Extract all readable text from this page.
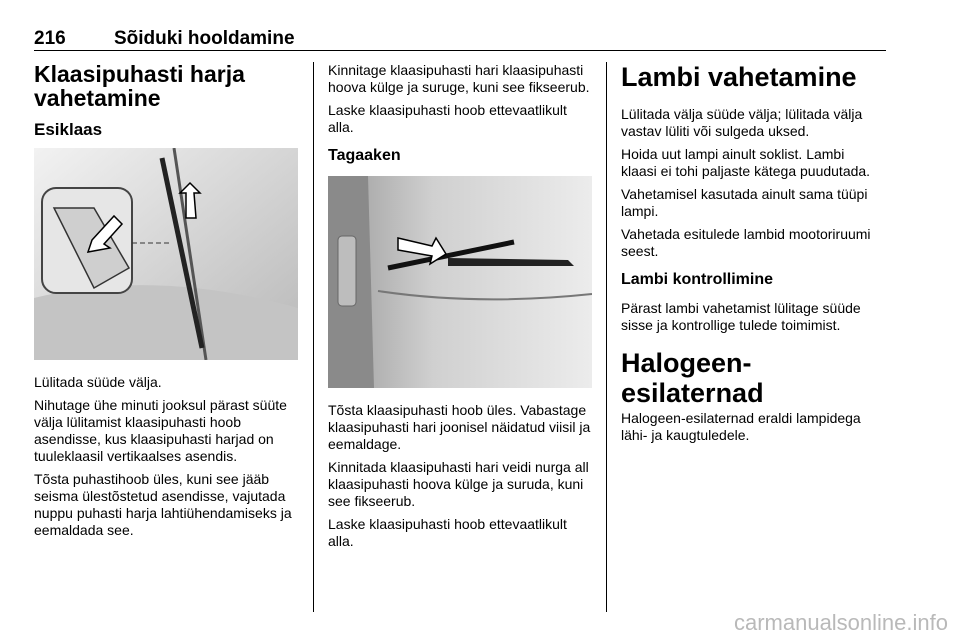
216	Sõiduki hooldamine
Klaasipuhasti harja vahetamine
Esiklaas

Lülitada süüde välja.

Nihutage ühe minuti jooksul pärast süüte välja lülitamist klaasipuhasti hoob asendisse, kus klaasipuhasti harjad on tuuleklaasil vertikaalses asendis.

Tõsta puhastihoob üles, kuni see jääb seisma ülestõstetud asendisse, vajutada nuppu puhasti harja lahtiühendamiseks ja eemaldada see.

Kinnitage klaasipuhasti hari klaasipuhasti hoova külge ja suruge, kuni see fikseerub.

Laske klaasipuhasti hoob ettevaatlikult alla.

Tagaaken

Tõsta klaasipuhasti hoob üles. Vabastage klaasipuhasti hari joonisel näidatud viisil ja eemaldage.

Kinnitada klaasipuhasti hari veidi nurga all klaasipuhasti hoova külge ja suruda, kuni see fikseerub.

Laske klaasipuhasti hoob ettevaatlikult alla.

Lambi vahetamine

Lülitada välja süüde välja; lülitada välja vastav lüliti või sulgeda uksed.

Hoida uut lampi ainult soklist. Lambi klaasi ei tohi paljaste kätega puudutada.

Vahetamisel kasutada ainult sama tüüpi lampi.

Vahetada esitulede lambid mootoriruumi seest.

Lambi kontrollimine

Pärast lambi vahetamist lülitage süüde sisse ja kontrollige tulede toimimist.

Halogeen-esilaternad

Halogeen-esilaternad eraldi lampidega lähi- ja kaugtuledele.

carmanualsonline.info
